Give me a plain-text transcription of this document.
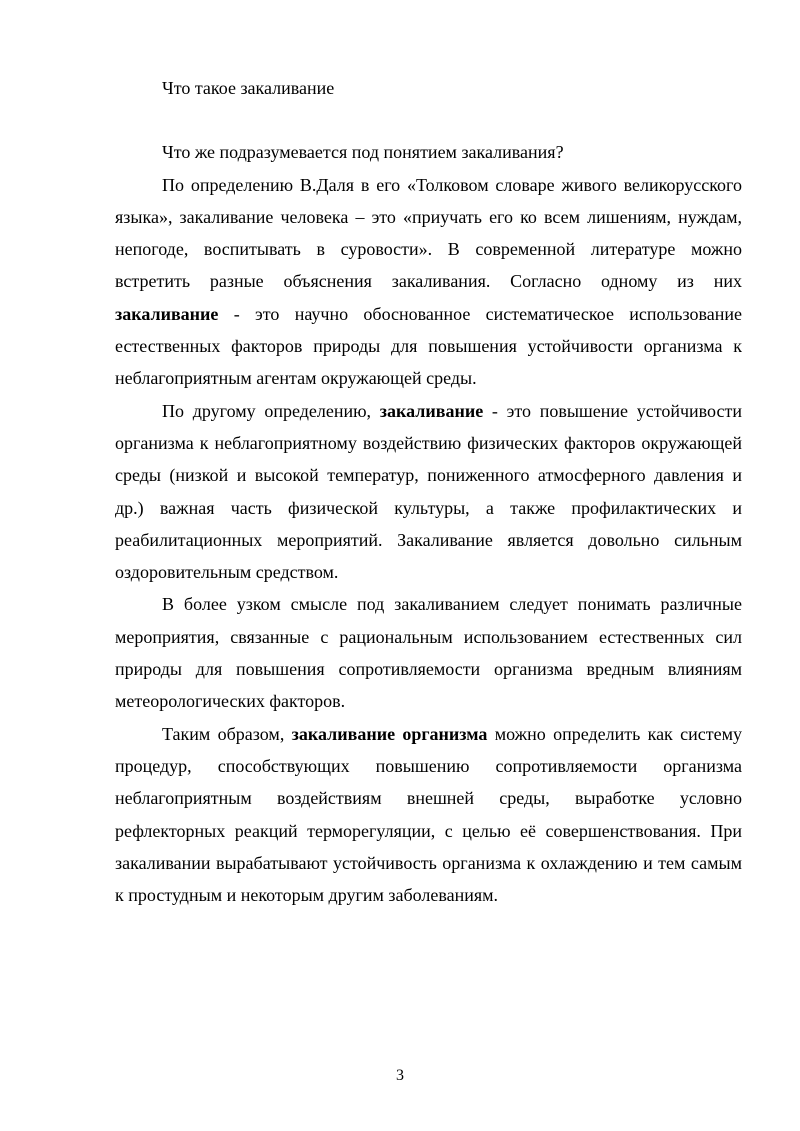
Что такое закаливание

Что же подразумевается под понятием закаливания?

По определению В.Даля в его «Толковом словаре живого великорусского языка», закаливание человека – это «приучать его ко всем лишениям, нуждам, непогоде, воспитывать в суровости». В современной литературе можно встретить разные объяснения закаливания. Согласно одному из них закаливание - это научно обоснованное систематическое использование естественных факторов природы для повышения устойчивости организма к неблагоприятным агентам окружающей среды.

По другому определению, закаливание - это повышение устойчивости организма к неблагоприятному воздействию физических факторов окружающей среды (низкой и высокой температур, пониженного атмосферного давления и др.) важная часть физической культуры, а также профилактических и реабилитационных мероприятий. Закаливание является довольно сильным оздоровительным средством.

В более узком смысле под закаливанием следует понимать различные мероприятия, связанные с рациональным использованием естественных сил природы для повышения сопротивляемости организма вредным влияниям метеорологических факторов.

Таким образом, закаливание организма можно определить как систему процедур, способствующих повышению сопротивляемости организма неблагоприятным воздействиям внешней среды, выработке условно рефлекторных реакций терморегуляции, с целью её совершенствования. При закаливании вырабатывают устойчивость организма к охлаждению и тем самым к простудным и некоторым другим заболеваниям.

3
